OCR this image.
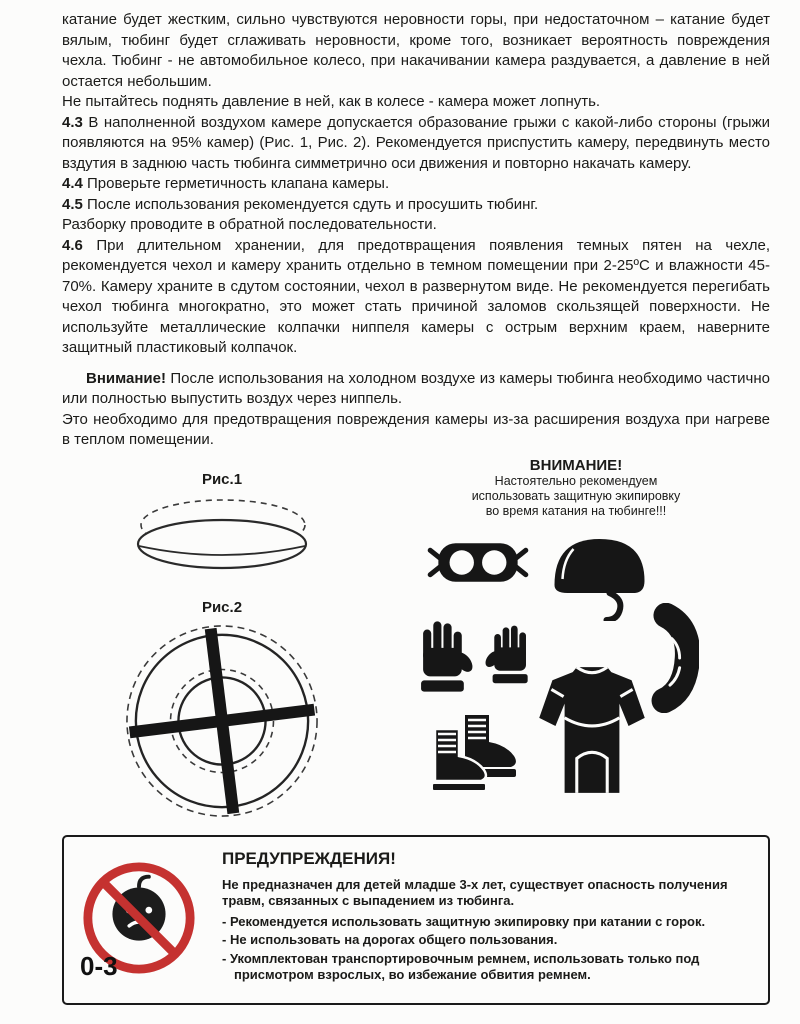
катание будет жестким, сильно чувствуются неровности горы, при недостаточном – катание будет вялым, тюбинг будет сглаживать неровности, кроме того, возникает вероятность повреждения чехла. Тюбинг - не автомобильное колесо, при накачивании камера раздувается, а давление в ней остается небольшим.

Не пытайтесь поднять давление в ней, как в колесе - камера может лопнуть.

4.3 В наполненной воздухом камере допускается образование грыжи с какой-либо стороны (грыжи появляются на 95% камер) (Рис. 1, Рис. 2). Рекомендуется приспустить камеру, передвинуть место вздутия в заднюю часть тюбинга симметрично оси движения и повторно накачать камеру.

4.4 Проверьте герметичность клапана камеры.

4.5 После использования рекомендуется сдуть и просушить тюбинг.

Разборку проводите в обратной последовательности.

4.6 При длительном хранении, для предотвращения появления темных пятен на чехле, рекомендуется чехол и камеру хранить отдельно в темном помещении при 2-25ºС и влажности 45-70%. Камеру храните в сдутом состоянии, чехол в развернутом виде. Не рекомендуется перегибать чехол тюбинга многократно, это может стать причиной заломов скользящей поверхности. Не используйте металлические колпачки ниппеля камеры с острым верхним краем, наверните защитный пластиковый колпачок.

Внимание! После использования на холодном воздухе из камеры тюбинга необходимо частично или полностью выпустить воздух через ниппель.

Это необходимо для предотвращения повреждения камеры из-за расширения воздуха при нагреве в теплом помещении.

Рис.1
Рис.2
ВНИМАНИЕ!
Настоятельно рекомендуем
использовать защитную экипировку
во время катания на тюбинге!!!
0-3
ПРЕДУПРЕЖДЕНИЯ!
Не предназначен для детей младше 3-х лет, существует опасность получения травм, связанных с выпадением из тюбинга.
- Рекомендуется использовать защитную экипировку при катании с горок.
- Не использовать на дорогах общего пользования.
- Укомплектован транспортировочным ремнем, использовать только под присмотром взрослых, во избежание обвития ремнем.
